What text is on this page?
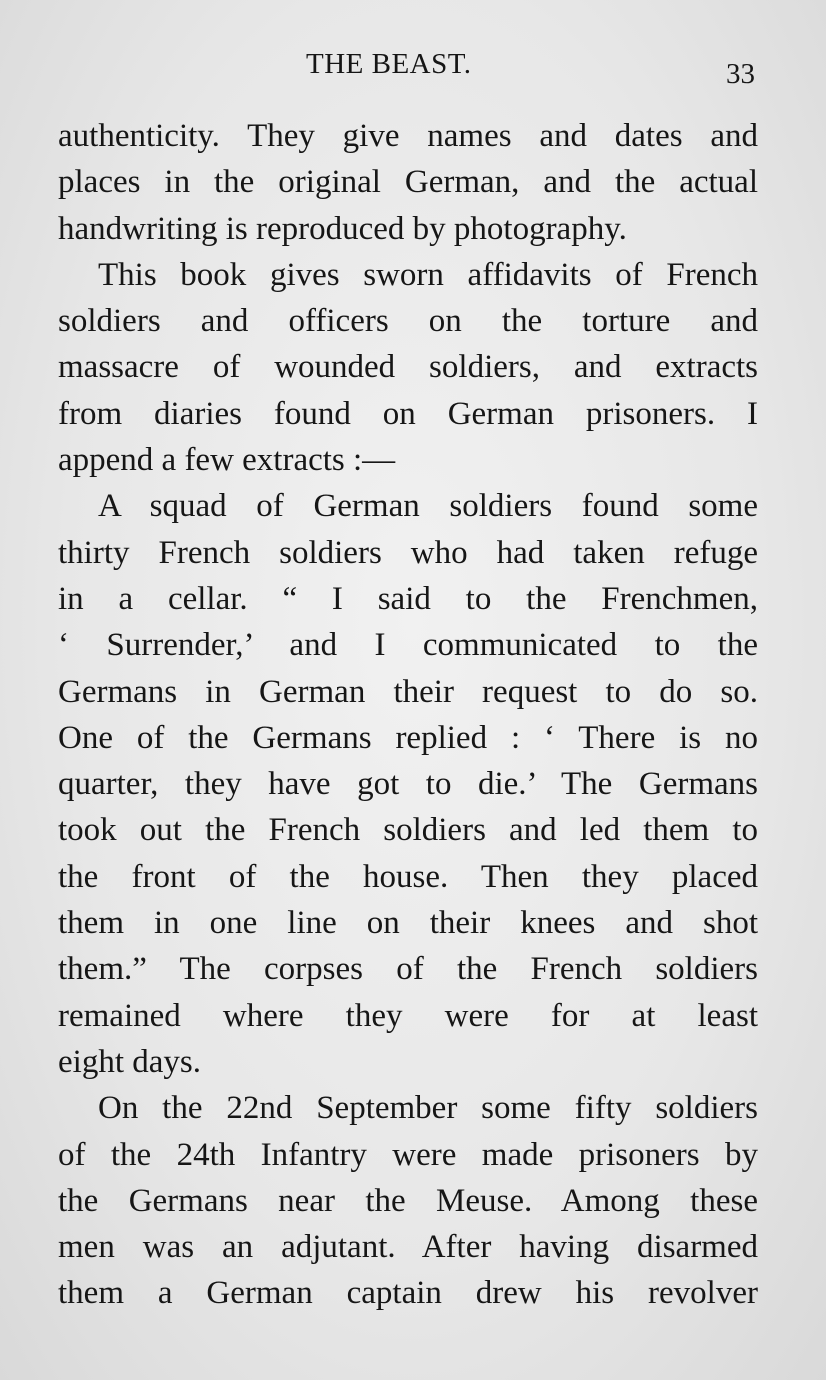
THE BEAST.	33
authenticity. They give names and dates and
places in the original German, and the actual
handwriting is reproduced by photography.
This book gives sworn affidavits of French
soldiers and officers on the torture and
massacre of wounded soldiers, and extracts
from diaries found on German prisoners. I
append a few extracts :—
A squad of German soldiers found some
thirty French soldiers who had taken refuge
in a cellar. “ I said to the Frenchmen,
‘ Surrender,’ and I communicated to the
Germans in German their request to do so.
One of the Germans replied : ‘ There is no
quarter, they have got to die.’ The Germans
took out the French soldiers and led them to
the front of the house. Then they placed
them in one line on their knees and shot
them.” The corpses of the French soldiers
remained where they were for at least
eight days.
On the 22nd September some fifty soldiers
of the 24th Infantry were made prisoners by
the Germans near the Meuse. Among these
men was an adjutant. After having disarmed
them a German captain drew his revolver
